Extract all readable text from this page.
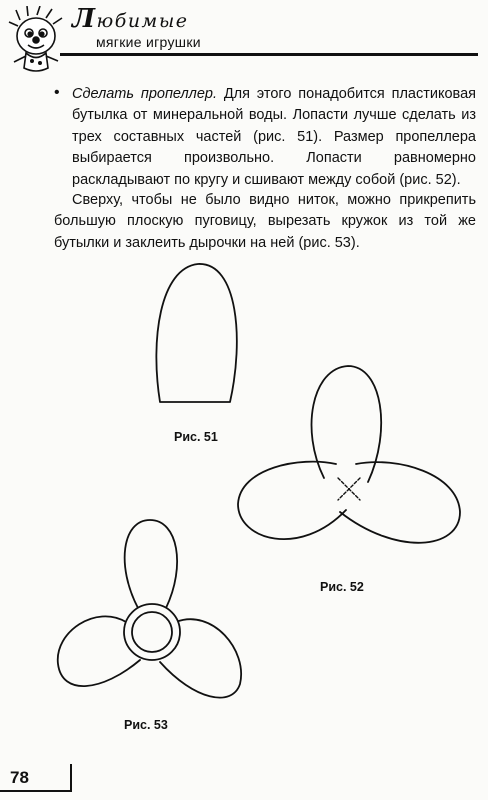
Любимые
мягкие игрушки
• Сделать пропеллер. Для этого понадобится пластиковая бутылка от минеральной воды. Лопасти лучше сделать из трех составных частей (рис. 51). Размер пропеллера выбирается произвольно. Лопасти равномерно раскладывают по кругу и сшивают между собой (рис. 52).
Сверху, чтобы не было видно ниток, можно прикрепить большую плоскую пуговицу, вырезать кружок из той же бутылки и заклеить дырочки на ней (рис. 53).
Рис. 51
Рис. 52
Рис. 53
78
